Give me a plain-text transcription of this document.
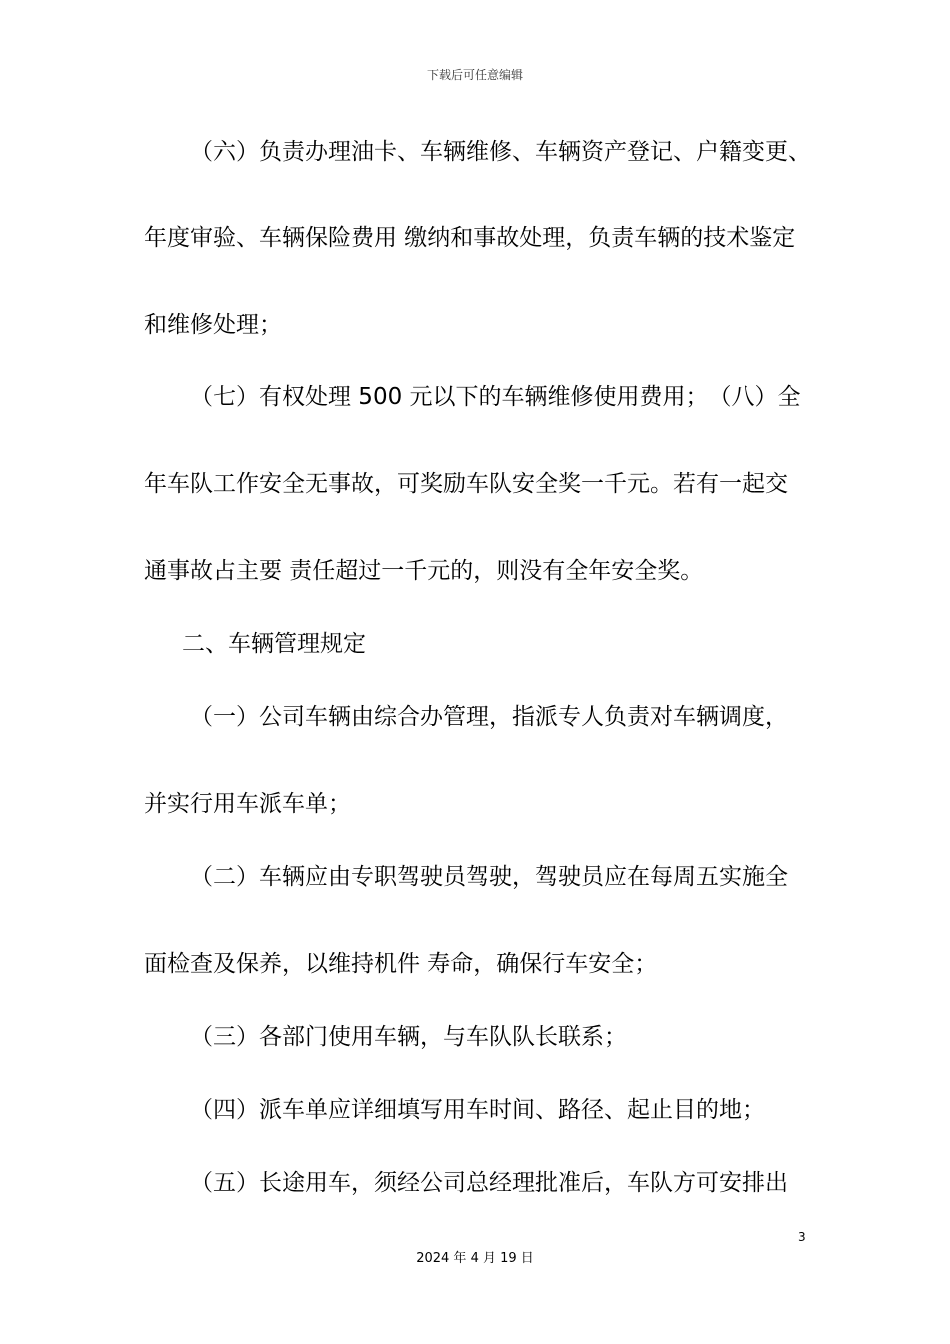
下载后可任意编辑
（六）负责办理油卡、车辆维修、车辆资产登记、户籍变更、
年度审验、车辆保险费用 缴纳和事故处理，负责车辆的技术鉴定
和维修处理；
（七）有权处理 500 元以下的车辆维修使用费用；　（八）全
年车队工作安全无事故，可奖励车队安全奖一千元。若有一起交
通事故占主要 责任超过一千元的，则没有全年安全奖。
二、车辆管理规定
（一）公司车辆由综合办管理，指派专人负责对车辆调度，
并实行用车派车单；
（二）车辆应由专职驾驶员驾驶，驾驶员应在每周五实施全
面检查及保养，以维持机件 寿命，确保行车安全；
（三）各部门使用车辆，与车队队长联系；
（四）派车单应详细填写用车时间、路径、起止目的地；
（五）长途用车，须经公司总经理批准后，车队方可安排出
3
2024 年 4 月 19 日
